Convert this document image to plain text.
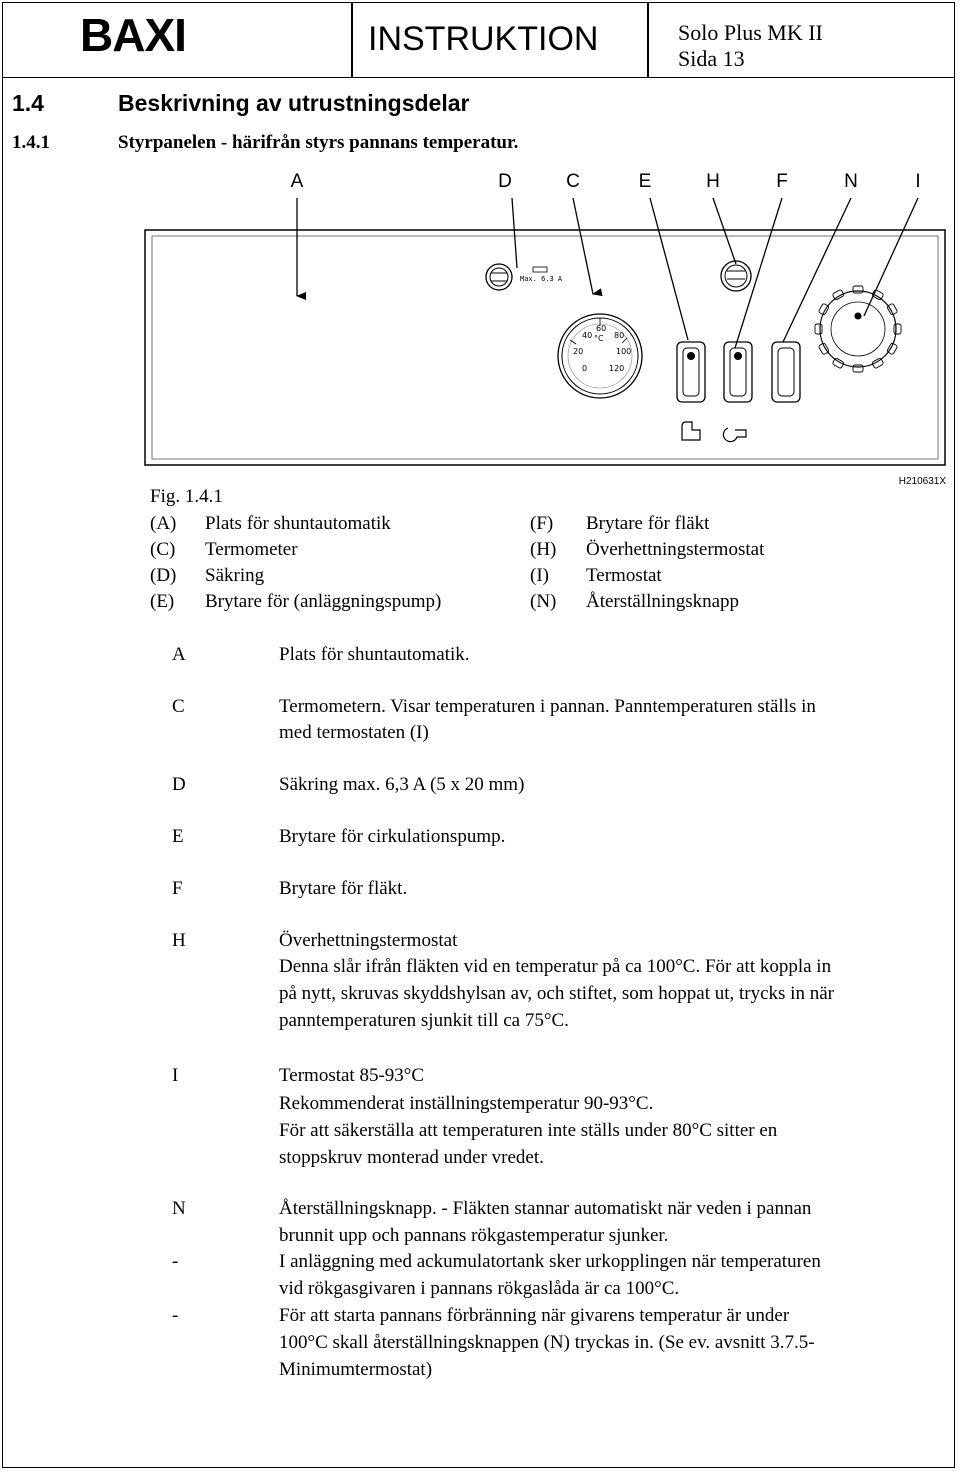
BAXI	INSTRUKTION	Solo Plus MK II
Sida 13
1.4	Beskrivning av utrustningsdelar
1.4.1	Styrpanelen - härifrån styrs pannans temperatur.
A	D	C	E	H	F	N	I
Max. 6.3 A
40
60
80
°C
20	100
0	120
H210631X
Fig. 1.4.1
(A) Plats för shuntautomatik
(C) Termometer
(D) Säkring
(E) Brytare för (anläggningspump)
(F) Brytare för fläkt
(H) Överhettningstermostat
(I) Termostat
(N) Återställningsknapp
A	Plats för shuntautomatik.
C	Termometern. Visar temperaturen i pannan. Panntemperaturen ställs in
med termostaten (I)
D	Säkring max. 6,3 A (5 x 20 mm)
E	Brytare för cirkulationspump.
F	Brytare för fläkt.
H	Överhettningstermostat
Denna slår ifrån fläkten vid en temperatur på ca 100°C. För att koppla in
på nytt, skruvas skyddshylsan av, och stiftet, som hoppat ut, trycks in när
panntemperaturen sjunkit till ca 75°C.
I	Termostat 85-93°C
Rekommenderat inställningstemperatur 90-93°C.
För att säkerställa att temperaturen inte ställs under 80°C sitter en
stoppskruv monterad under vredet.
N	Återställningsknapp. - Fläkten stannar automatiskt när veden i pannan
brunnit upp och pannans rökgastemperatur sjunker.
-	I anläggning med ackumulatortank sker urkopplingen när temperaturen
vid rökgasgivaren i pannans rökgaslåda är ca 100°C.
-	För att starta pannans förbränning när givarens temperatur är under
100°C skall återställningsknappen (N) tryckas in. (Se ev. avsnitt 3.7.5-
Minimumtermostat)
